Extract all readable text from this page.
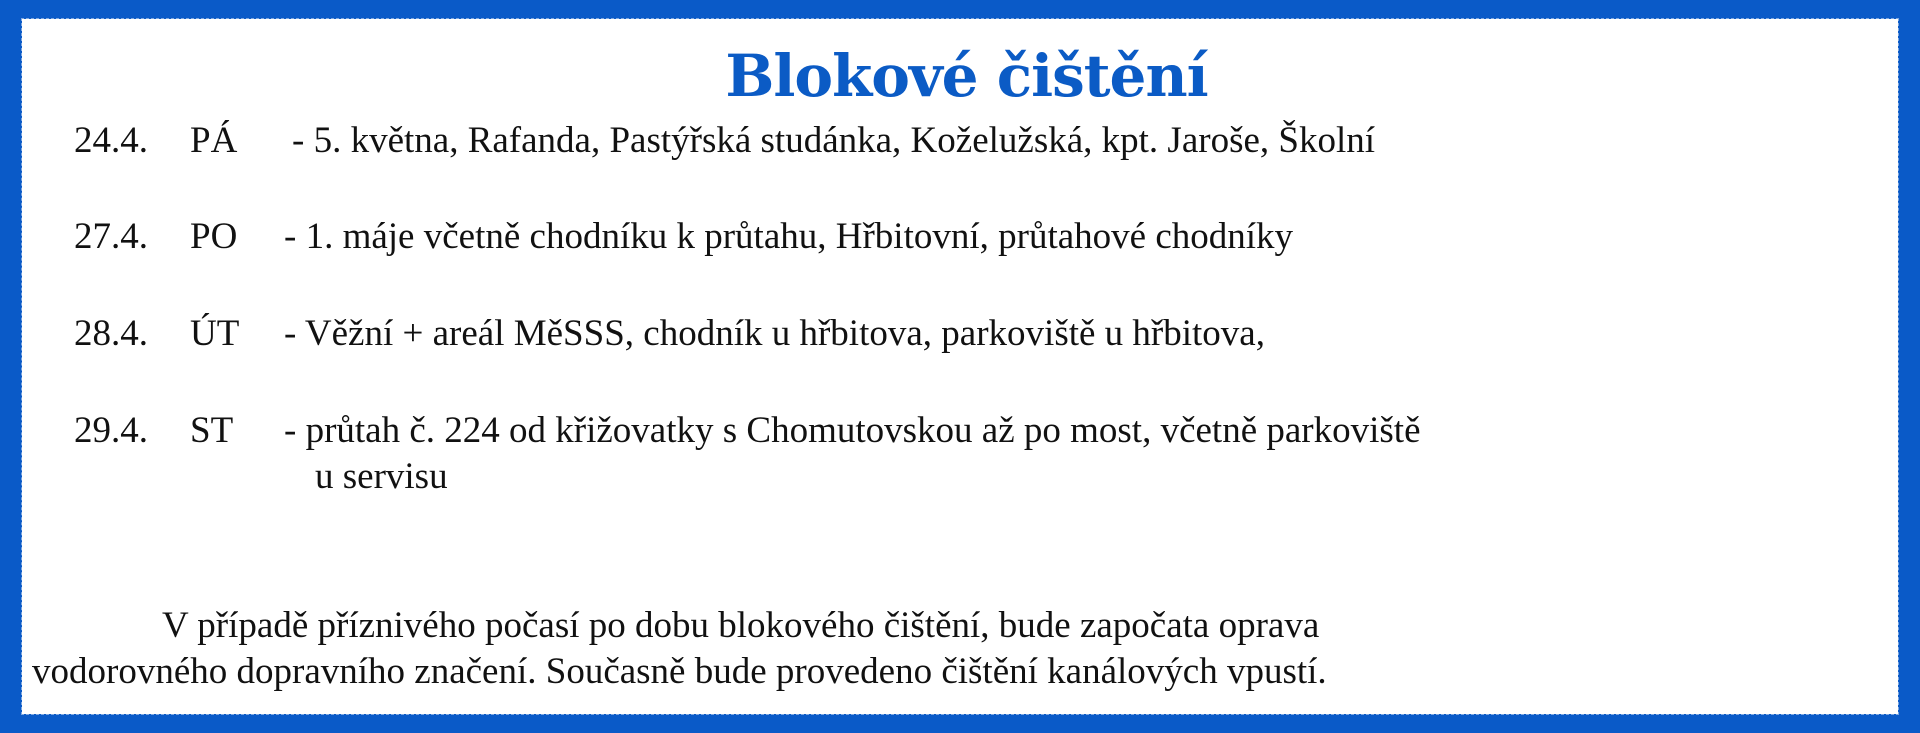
Blokové čištění
24.4. PÁ - 5. května, Rafanda, Pastýřská studánka, Koželužská, kpt. Jaroše, Školní
27.4. PO - 1. máje včetně chodníku k průtahu, Hřbitovní, průtahové chodníky
28.4. ÚT - Věžní + areál MěSSS, chodník u hřbitova, parkoviště u hřbitova,
29.4. ST - průtah č. 224 od křižovatky s Chomutovskou až po most, včetně parkoviště
u servisu
V případě příznivého počasí po dobu blokového čištění, bude započata oprava
vodorovného dopravního značení. Současně bude provedeno čištění kanálových vpustí.
